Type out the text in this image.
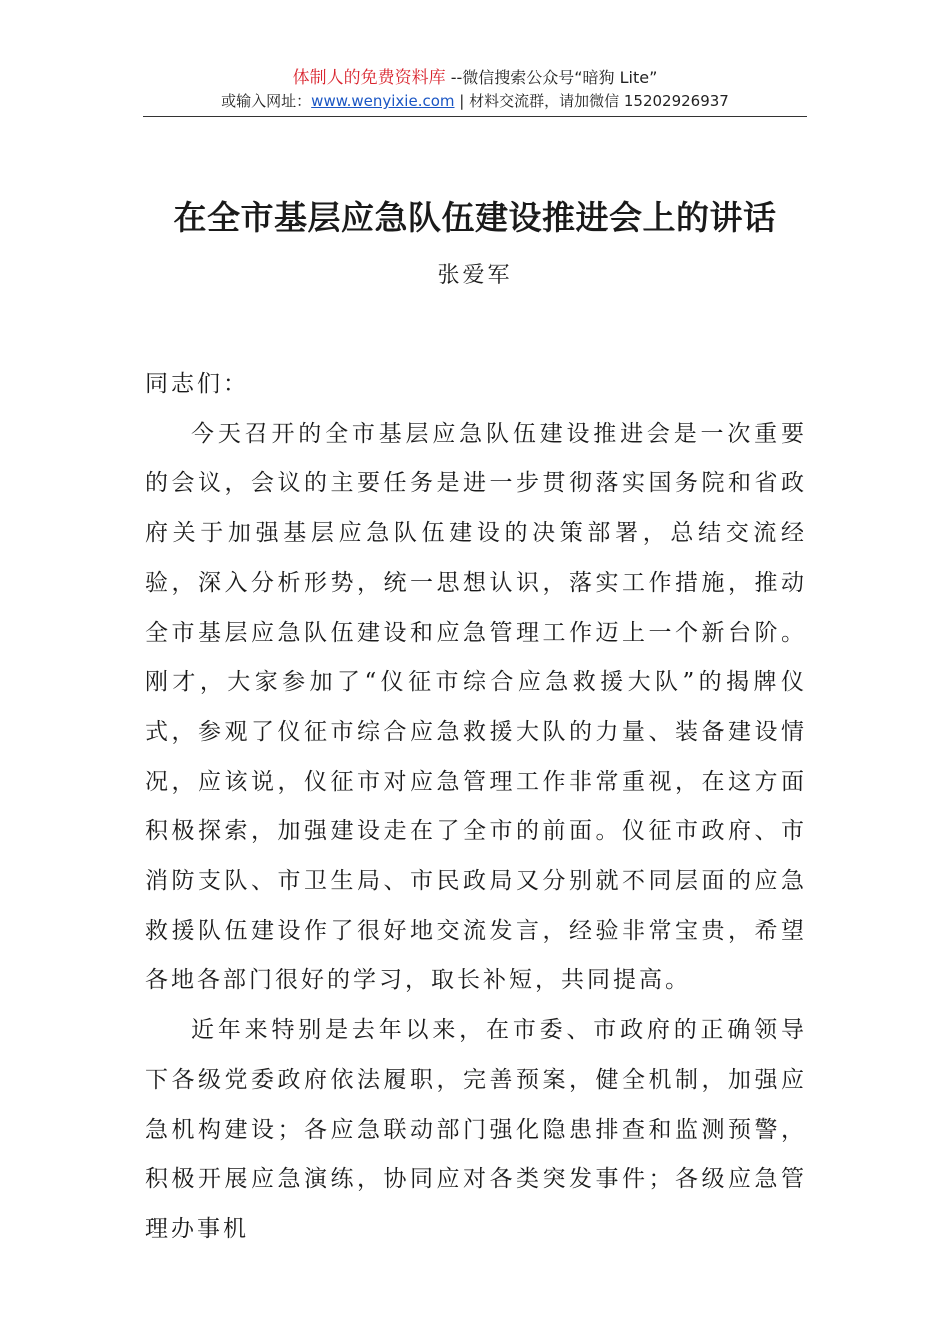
体制人的免费资料库 --微信搜索公众号“暗狗 Lite”
或输入网址：www.wenyixie.com | 材料交流群，请加微信 15202926937
在全市基层应急队伍建设推进会上的讲话
张爱军

同志们：

今天召开的全市基层应急队伍建设推进会是一次重要的会议，会议的主要任务是进一步贯彻落实国务院和省政府关于加强基层应急队伍建设的决策部署，总结交流经验，深入分析形势，统一思想认识，落实工作措施，推动全市基层应急队伍建设和应急管理工作迈上一个新台阶。刚才，大家参加了“仪征市综合应急救援大队”的揭牌仪式，参观了仪征市综合应急救援大队的力量、装备建设情况，应该说，仪征市对应急管理工作非常重视，在这方面积极探索，加强建设走在了全市的前面。仪征市政府、市消防支队、市卫生局、市民政局又分别就不同层面的应急救援队伍建设作了很好地交流发言，经验非常宝贵，希望各地各部门很好的学习，取长补短，共同提高。

近年来特别是去年以来，在市委、市政府的正确领导下各级党委政府依法履职，完善预案，健全机制，加强应急机构建设；各应急联动部门强化隐患排查和监测预警，积极开展应急演练，协同应对各类突发事件；各级应急管理办事机
